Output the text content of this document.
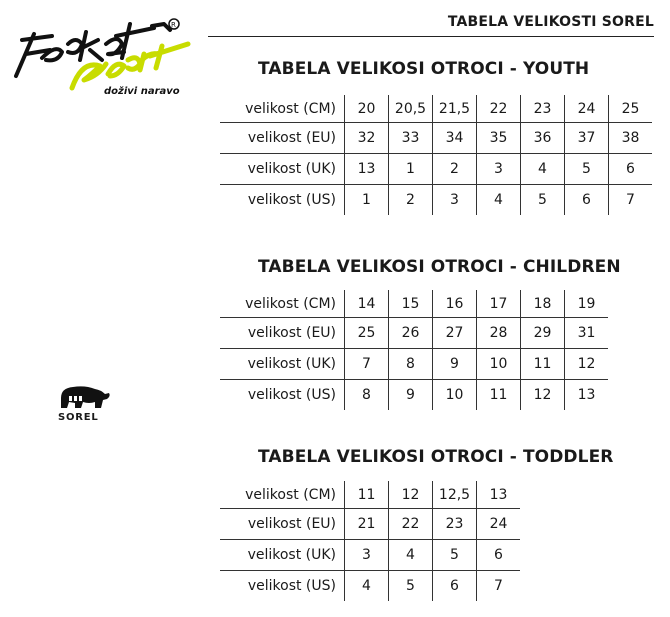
TABELA VELIKOSTI SOREL
R
doživi naravo
SOREL
TABELA VELIKOSI OTROCI - YOUTH
velikost (CM)	20	20,5	21,5	22	23	24	25
velikost (EU)	32	33	34	35	36	37	38
velikost (UK)	13	1	2	3	4	5	6
velikost (US)	1	2	3	4	5	6	7
TABELA VELIKOSI OTROCI - CHILDREN
velikost (CM)	14	15	16	17	18	19
velikost (EU)	25	26	27	28	29	31
velikost (UK)	7	8	9	10	11	12
velikost (US)	8	9	10	11	12	13
TABELA VELIKOSI OTROCI - TODDLER
velikost (CM)	11	12	12,5	13
velikost (EU)	21	22	23	24
velikost (UK)	3	4	5	6
velikost (US)	4	5	6	7
